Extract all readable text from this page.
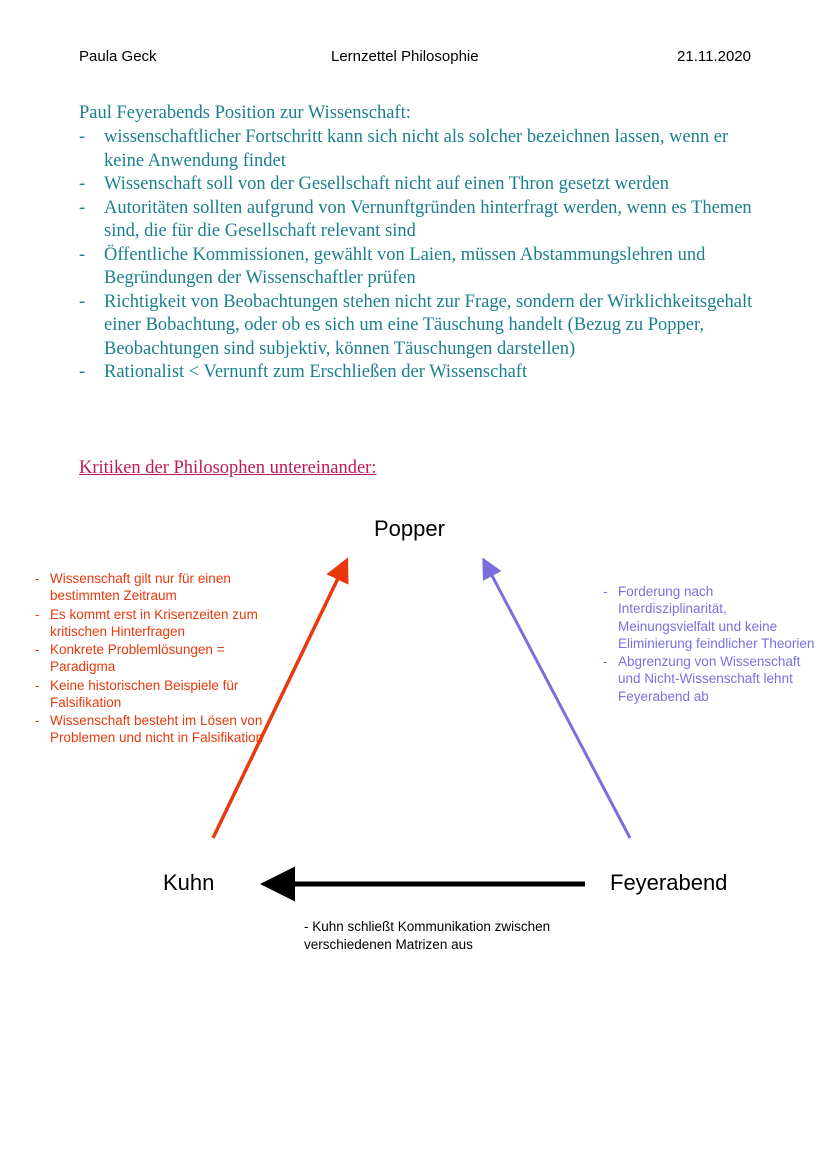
Paula Geck	Lernzettel Philosophie	21.11.2020

Paul Feyerabends Position zur Wissenschaft:

- wissenschaftlicher Fortschritt kann sich nicht als solcher bezeichnen lassen, wenn er keine Anwendung findet
- Wissenschaft soll von der Gesellschaft nicht auf einen Thron gesetzt werden
- Autoritäten sollten aufgrund von Vernunftgründen hinterfragt werden, wenn es Themen sind, die für die Gesellschaft relevant sind
- Öffentliche Kommissionen, gewählt von Laien, müssen Abstammungslehren und Begründungen der Wissenschaftler prüfen
- Richtigkeit von Beobachtungen stehen nicht zur Frage, sondern der Wirklichkeitsgehalt einer Bobachtung, oder ob es sich um eine Täuschung handelt (Bezug zu Popper, Beobachtungen sind subjektiv, können Täuschungen darstellen)
- Rationalist < Vernunft zum Erschließen der Wissenschaft
Kritiken der Philosophen untereinander:
Popper
Kuhn	Feyerabend
- Wissenschaft gilt nur für einen bestimmten Zeitraum
- Es kommt erst in Krisenzeiten zum kritischen Hinterfragen
- Konkrete Problemlösungen = Paradigma
- Keine historischen Beispiele für Falsifikation
- Wissenschaft besteht im Lösen von Problemen und nicht in Falsifikation
- Forderung nach Interdisziplinarität, Meinungsvielfalt und keine Eliminierung feindlicher Theorien
- Abgrenzung von Wissenschaft und Nicht-Wissenschaft lehnt Feyerabend ab
- Kuhn schließt Kommunikation zwischen verschiedenen Matrizen aus
